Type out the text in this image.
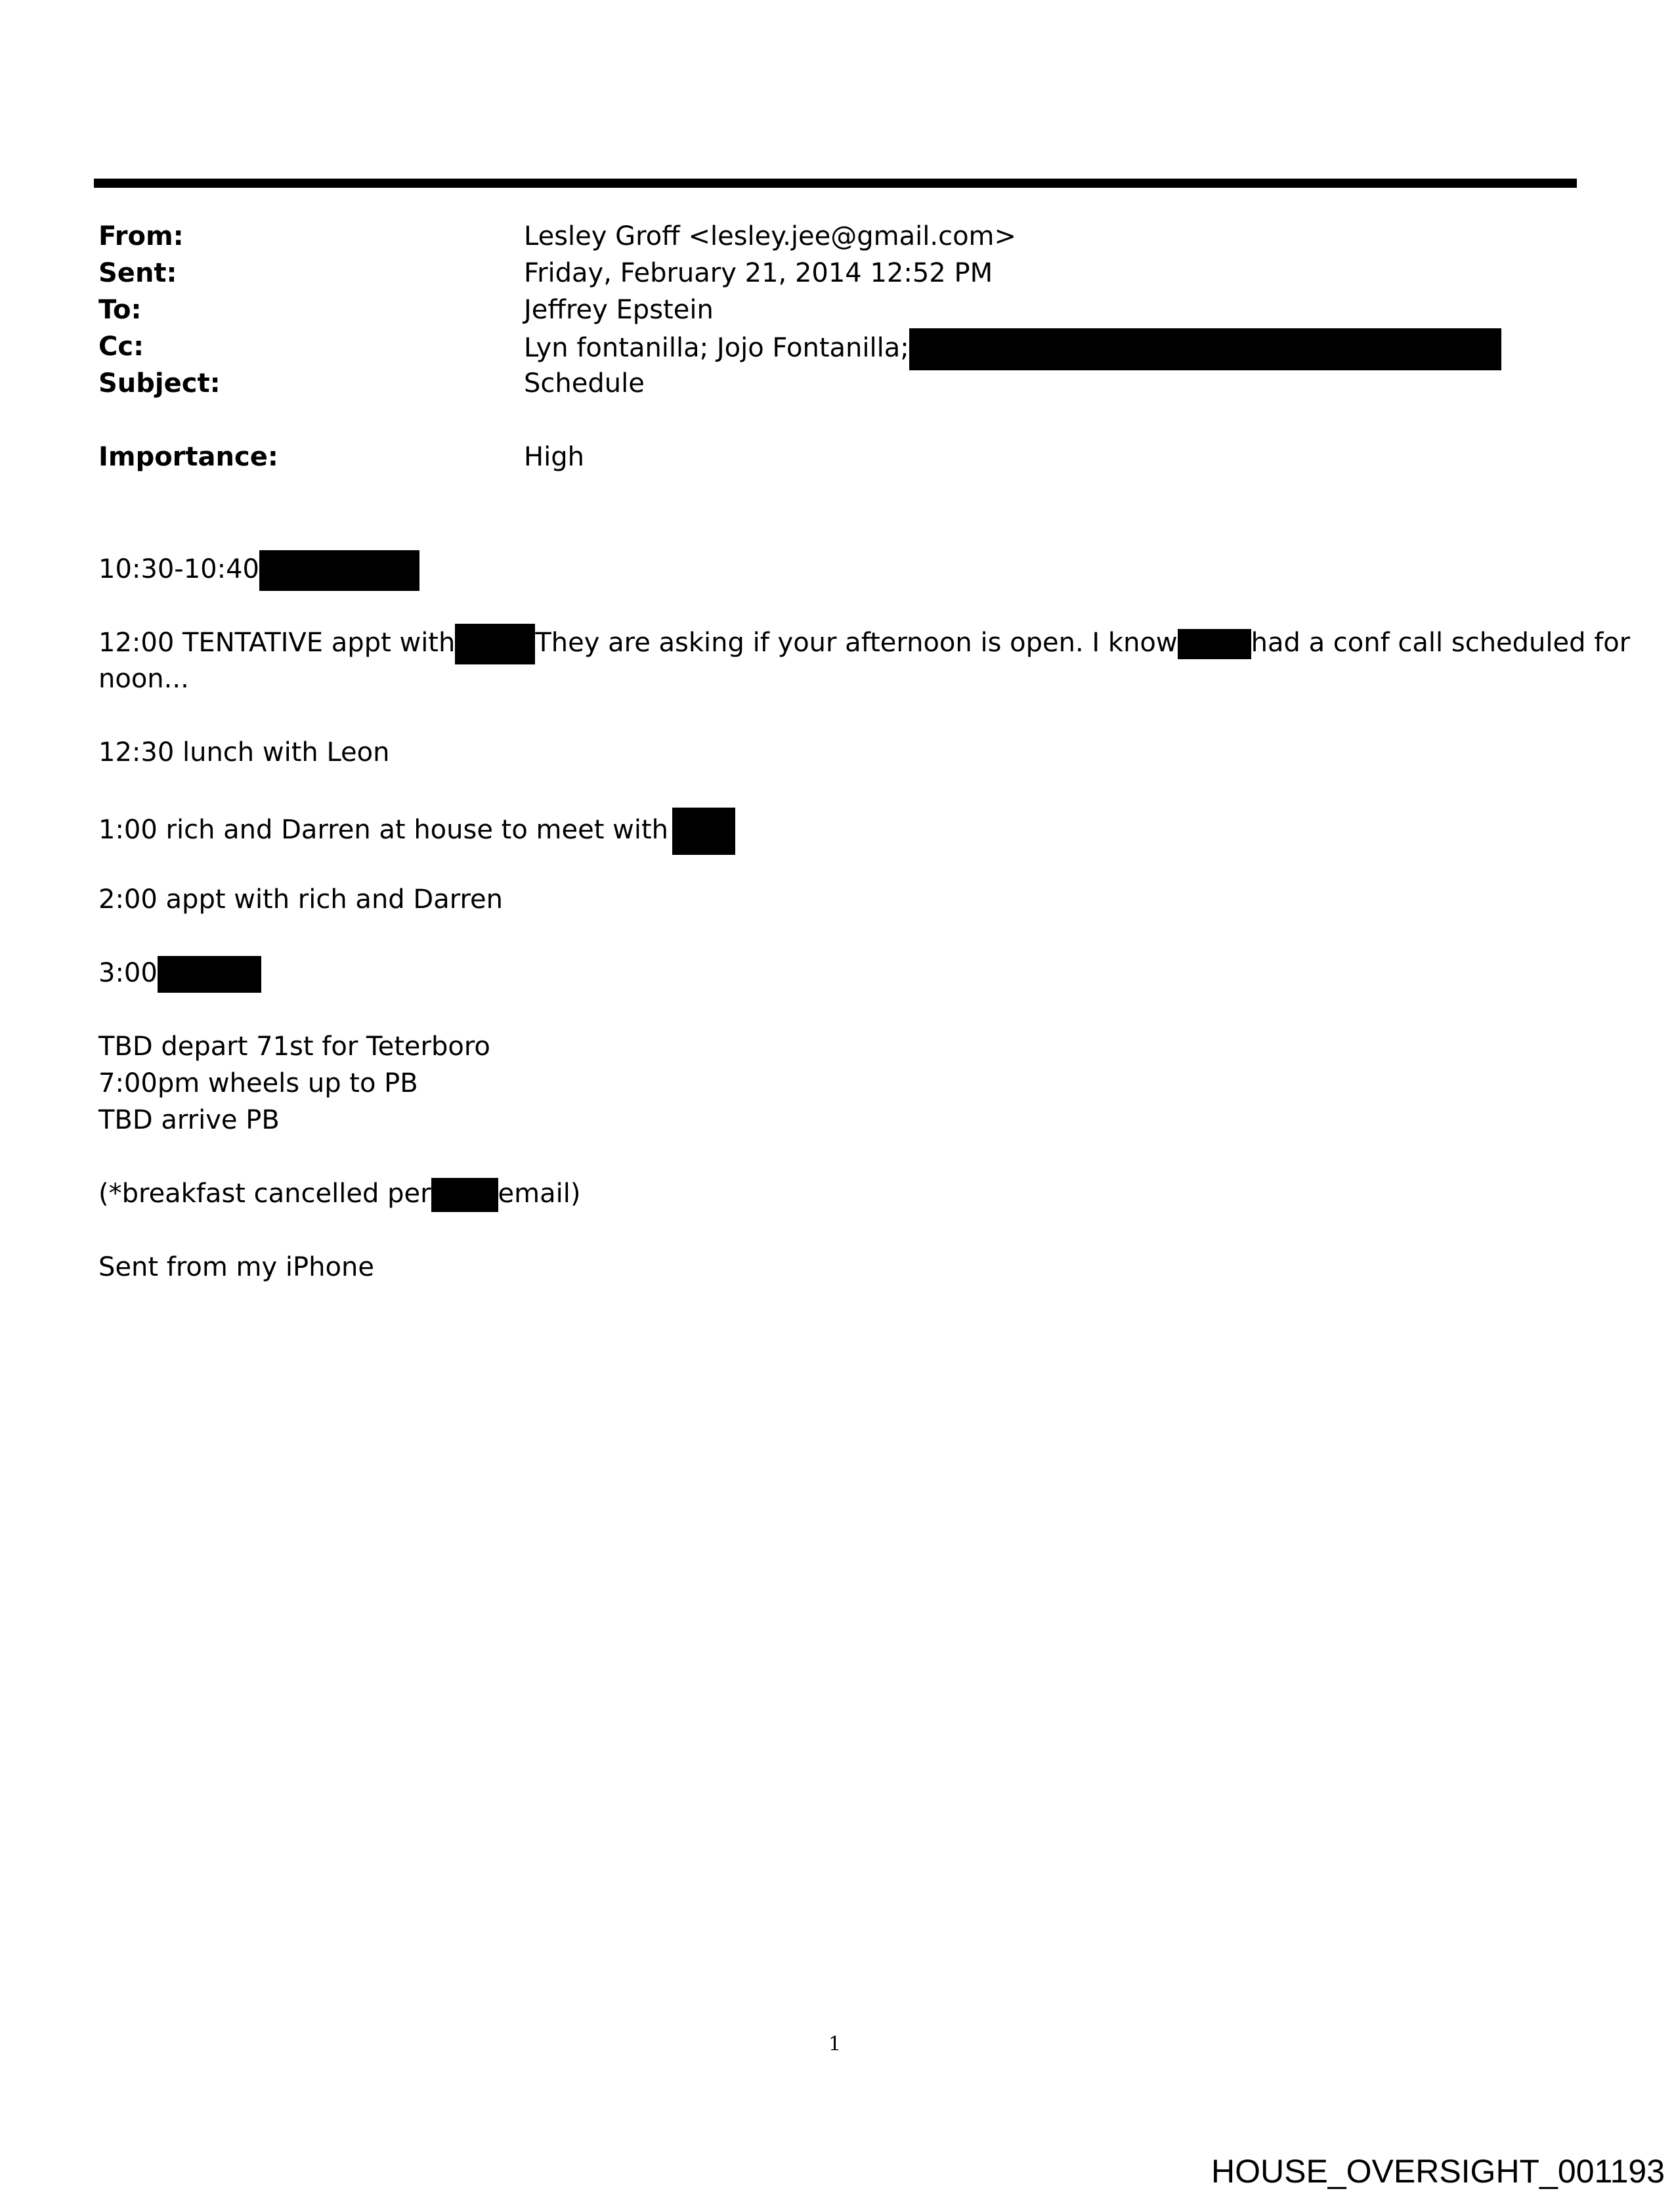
From:	Lesley Groff <lesley.jee@gmail.com>
Sent:	Friday, February 21, 2014 12:52 PM
To:	Jeffrey Epstein
Cc:	Lyn fontanilla; Jojo Fontanilla;
Subject:	Schedule
Importance:	High
10:30-10:40
12:00 TENTATIVE appt with	They are asking if your afternoon is open. I know	had a conf call scheduled for
noon...
12:30 lunch with Leon
1:00 rich and Darren at house to meet with
2:00 appt with rich and Darren
3:00
TBD depart 71st for Teterboro
7:00pm wheels up to PB
TBD arrive PB
(*breakfast cancelled per	email)
Sent from my iPhone
1
HOUSE_OVERSIGHT_001193
